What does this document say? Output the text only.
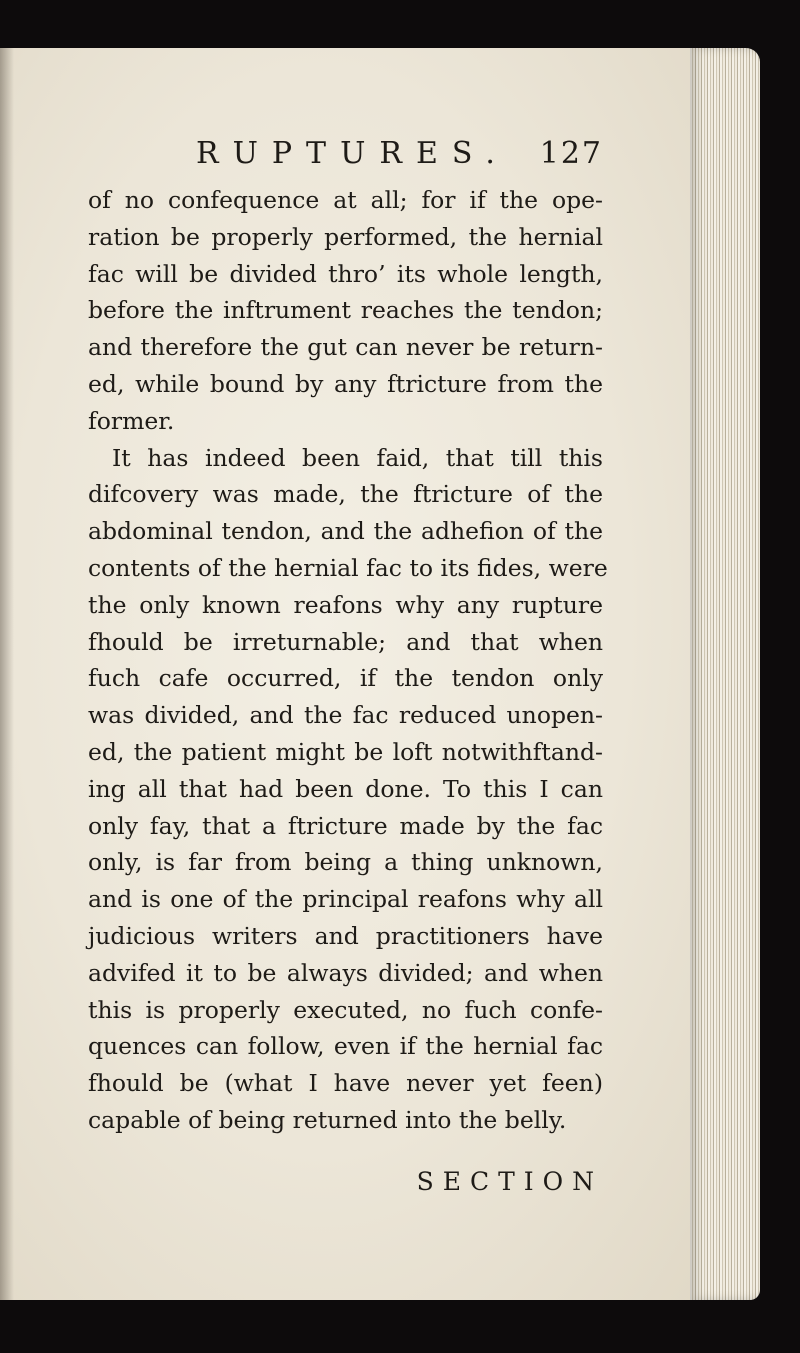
RUPTURES. 127
of no confequence at all; for if the ope-
ration be properly performed, the hernial
fac will be divided thro’ its whole length,
before the inftrument reaches the tendon;
and therefore the gut can never be return-
ed, while bound by any ftricture from the
former.
It has indeed been faid, that till this
difcovery was made, the ftricture of the
abdominal tendon, and the adhefion of the
contents of the hernial fac to its fides, were
the only known reafons why any rupture
fhould be irreturnable; and that when
fuch cafe occurred, if the tendon only
was divided, and the fac reduced unopen-
ed, the patient might be loft notwithftand-
ing all that had been done. To this I can
only fay, that a ftricture made by the fac
only, is far from being a thing unknown,
and is one of the principal reafons why all
judicious writers and practitioners have
advifed it to be always divided; and when
this is properly executed, no fuch confe-
quences can follow, even if the hernial fac
fhould be (what I have never yet feen)
capable of being returned into the belly.
SECTION
